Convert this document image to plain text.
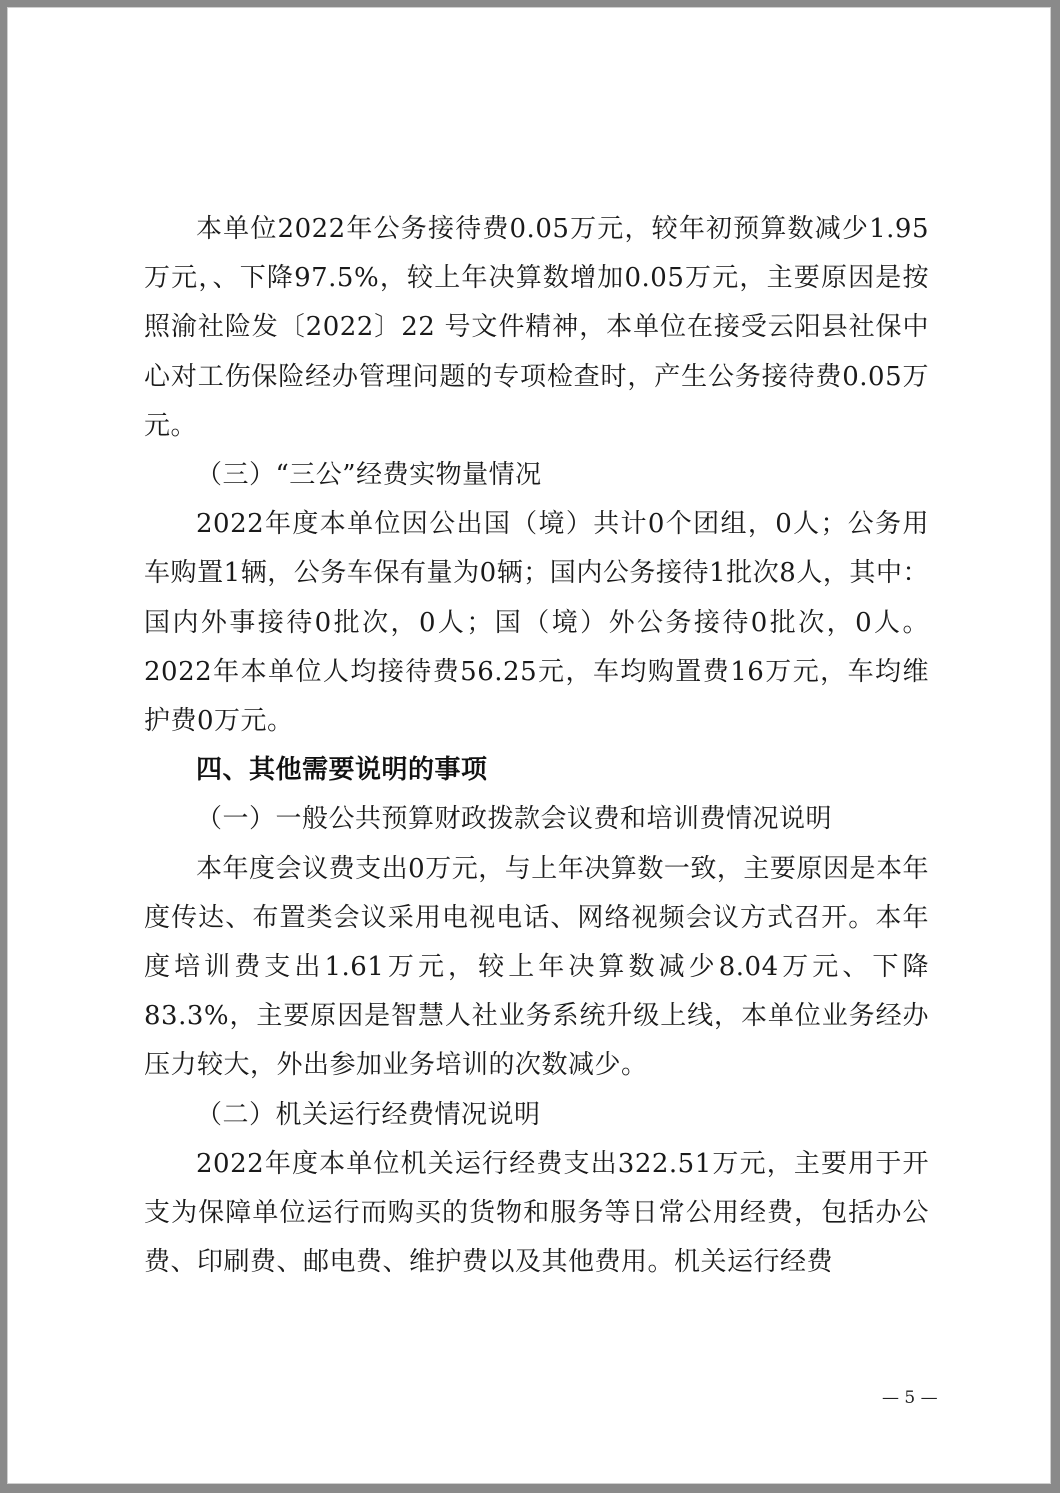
本单位2022年公务接待费0.05万元，较年初预算数减少1.95万元，、下降97.5%，较上年决算数增加0.05万元，主要原因是按照渝社险发〔2022〕22 号文件精神，本单位在接受云阳县社保中心对工伤保险经办管理问题的专项检查时，产生公务接待费0.05万元。

（三）“三公”经费实物量情况

2022年度本单位因公出国（境）共计0个团组，0人；公务用车购置1辆，公务车保有量为0辆；国内公务接待1批次8人，其中：国内外事接待0批次，0人；国（境）外公务接待0批次，0人。2022年本单位人均接待费56.25元，车均购置费16万元，车均维护费0万元。

四、其他需要说明的事项

（一）一般公共预算财政拨款会议费和培训费情况说明

本年度会议费支出0万元，与上年决算数一致，主要原因是本年度传达、布置类会议采用电视电话、网络视频会议方式召开。本年度培训费支出1.61万元，较上年决算数减少8.04万元、下降83.3%，主要原因是智慧人社业务系统升级上线，本单位业务经办压力较大，外出参加业务培训的次数减少。

（二）机关运行经费情况说明

2022年度本单位机关运行经费支出322.51万元，主要用于开支为保障单位运行而购买的货物和服务等日常公用经费，包括办公费、印刷费、邮电费、维护费以及其他费用。机关运行经费

— 5 —
